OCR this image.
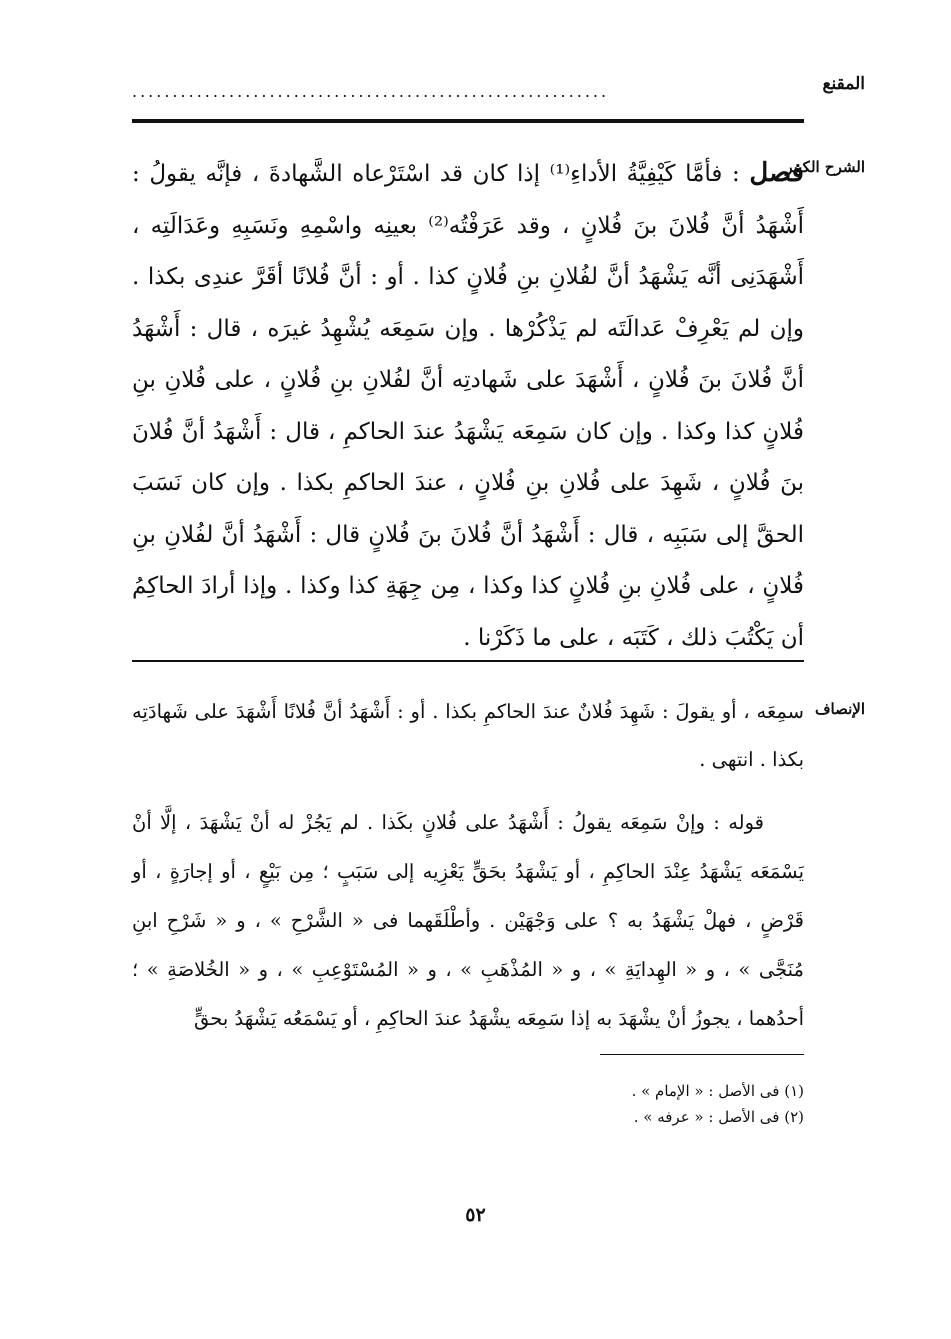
المقنع
...........................................................
الشرح الكبير
فصل : فأمَّا كَيْفِيَّةُ الأداءِ⁽¹⁾ إذا كان قد اسْتَرْعاه الشَّهادةَ ، فإنَّه يقولُ : أَشْهَدُ أنَّ فُلانَ بنَ فُلانٍ ، وقد عَرَفْتُه⁽²⁾ بعينِه واسْمِهِ ونَسَبِهِ وعَدَالَتِه ، أَشْهَدَنِى أنَّه يَشْهَدُ أنَّ لفُلانِ بنِ فُلانٍ كذا . أو : أنَّ فُلانًا أقَرَّ عندِى بكذا . وإن لم يَعْرِفْ عَدالَتَه لم يَذْكُرْها . وإن سَمِعَه يُشْهِدُ غيرَه ، قال : أَشْهَدُ أنَّ فُلانَ بنَ فُلانٍ ، أَشْهَدَ على شَهادتِه أنَّ لفُلانِ بنِ فُلانٍ ، على فُلانِ بنِ فُلانٍ كذا وكذا . وإن كان سَمِعَه يَشْهَدُ عندَ الحاكمِ ، قال : أَشْهَدُ أنَّ فُلانَ بنَ فُلانٍ ، شَهِدَ على فُلانِ بنِ فُلانٍ ، عندَ الحاكمِ بكذا . وإن كان نَسَبَ الحقَّ إلى سَبَبِه ، قال : أَشْهَدُ أنَّ فُلانَ بنَ فُلانٍ قال : أَشْهَدُ أنَّ لفُلانِ بنِ فُلانٍ ، على فُلانِ بنِ فُلانٍ كذا وكذا ، مِن جِهَةِ كذا وكذا . وإذا أرادَ الحاكِمُ أن يَكْتُبَ ذلك ، كَتَبَه ، على ما ذَكَرْنا .
الإنصاف
سمِعَه ، أو يقولَ : شَهِدَ فُلانٌ عندَ الحاكمِ بكذا . أو : أَشْهَدُ أنَّ فُلانًا أَشْهَدَ على شَهادَتِه بكذا . انتهى .
قوله : وإنْ سَمِعَه يقولُ : أَشْهَدُ على فُلانٍ بكَذا . لم يَجُزْ له أنْ يَشْهَدَ ، إلَّا أنْ يَسْمَعَه يَشْهَدُ عِنْدَ الحاكِمِ ، أو يَشْهَدُ بحَقٍّ يَعْزِيه إلى سَبَبٍ ؛ مِن بَيْعٍ ، أو إجارَةٍ ، أو قَرْضٍ ، فهلْ يَشْهَدُ به ؟ على وَجْهَيْن . وأطْلَقَهما فى « الشَّرْحِ » ، و « شَرْحِ ابنِ مُنَجَّى » ، و « الهِدايَةِ » ، و « المُذْهَبِ » ، و « المُسْتَوْعِبِ » ، و « الخُلاصَةِ » ؛ أحدُهما ، يجوزُ أنْ يشْهَدَ به إذا سَمِعَه يشْهَدُ عندَ الحاكِمِ ، أو يَسْمَعُه يَشْهَدُ بحقٍّ
(١) فى الأصل : « الإمام » .
(٢) فى الأصل : « عرفه » .
٥٢
